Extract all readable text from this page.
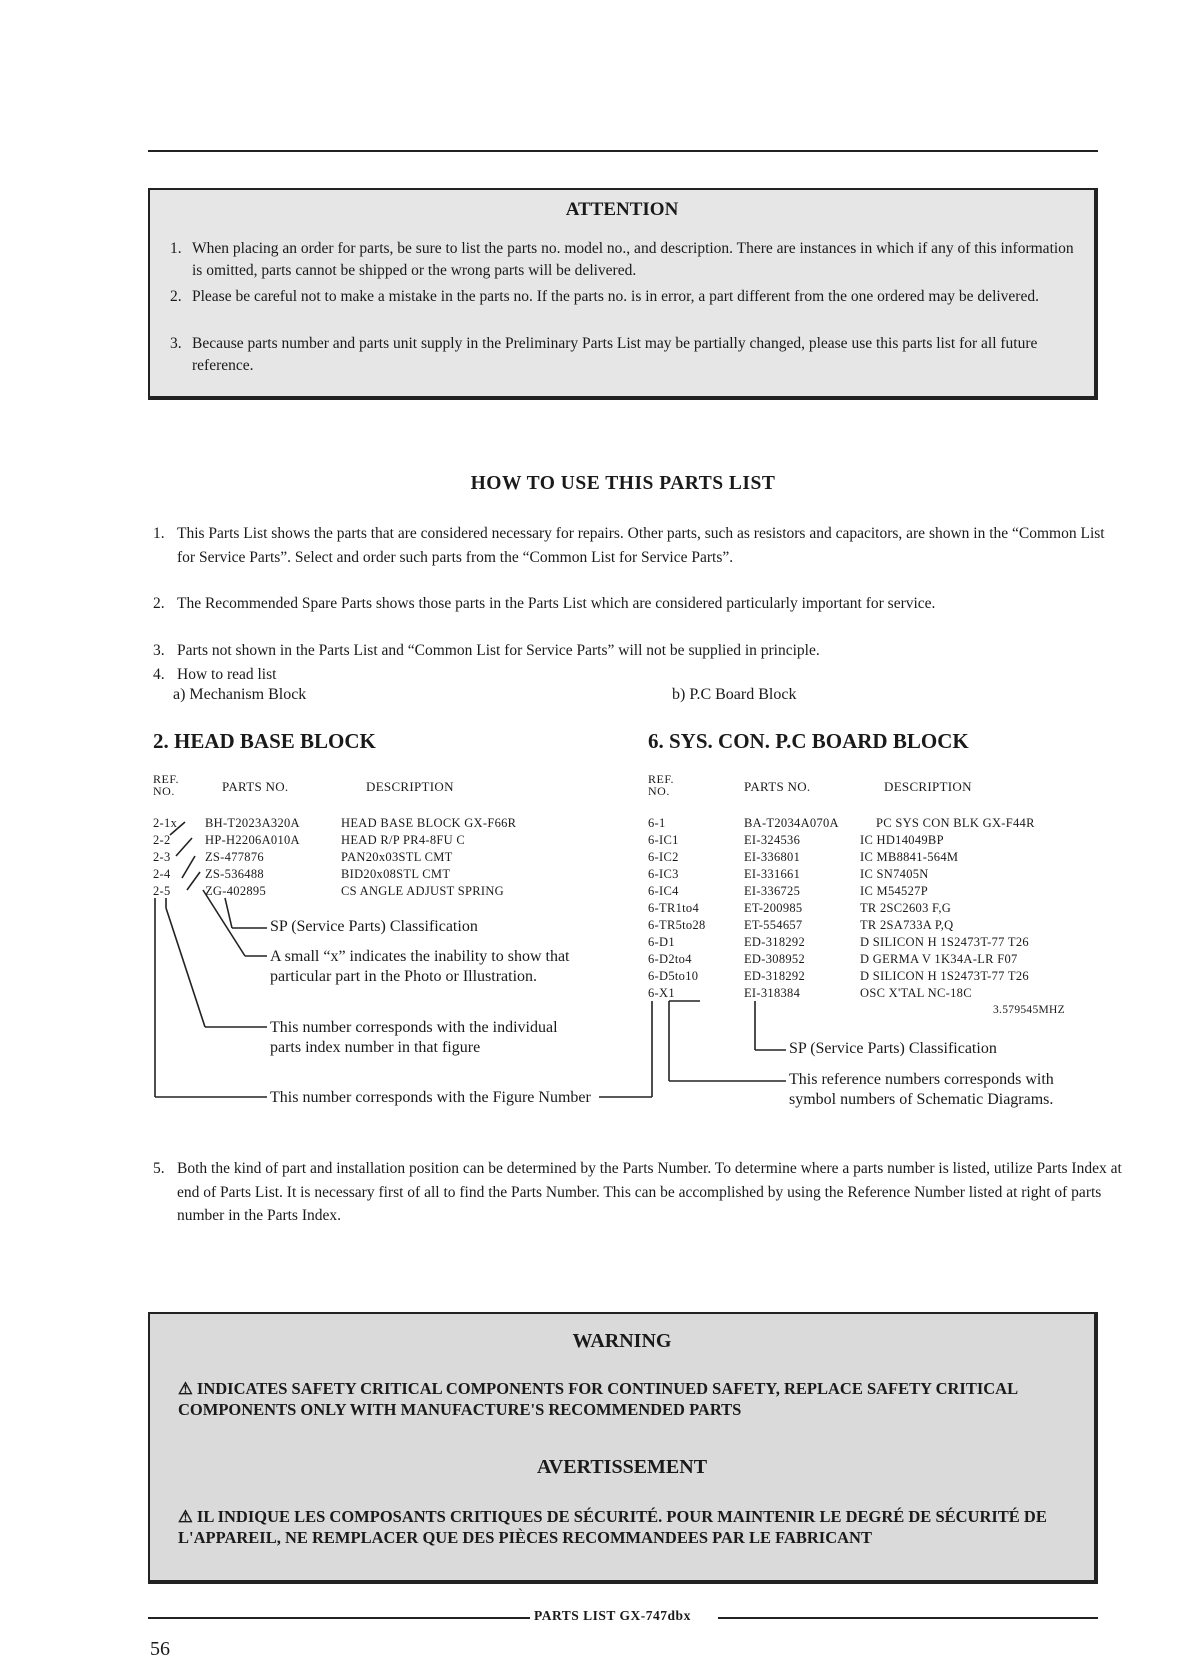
ATTENTION
1. When placing an order for parts, be sure to list the parts no. model no., and description. There are instances in which if any of this information is omitted, parts cannot be shipped or the wrong parts will be delivered.
2. Please be careful not to make a mistake in the parts no. If the parts no. is in error, a part different from the one ordered may be delivered.
3. Because parts number and parts unit supply in the Preliminary Parts List may be partially changed, please use this parts list for all future reference.
HOW TO USE THIS PARTS LIST
1. This Parts List shows the parts that are considered necessary for repairs. Other parts, such as resistors and capacitors, are shown in the “Common List for Service Parts”. Select and order such parts from the “Common List for Service Parts”.
2. The Recommended Spare Parts shows those parts in the Parts List which are considered particularly important for service.
3. Parts not shown in the Parts List and “Common List for Service Parts” will not be supplied in principle.
4. How to read list
a) Mechanism Block	b) P.C Board Block
2. HEAD BASE BLOCK
REF.
NO.	PARTS NO.	DESCRIPTION
2-1x BH-T2023A320A	HEAD BASE BLOCK GX-F66R
2-2	HP-H2206A010A	HEAD R/P PR4-8FU C
2-3	ZS-477876	PAN20x03STL CMT
2-4	ZS-536488	BID20x08STL CMT
2-5	ZG-402895	CS ANGLE ADJUST SPRING
SP (Service Parts) Classification
A small “x” indicates the inability to show that particular part in the Photo or Illustration.
This number corresponds with the individual parts index number in that figure
This number corresponds with the Figure Number
6. SYS. CON. P.C BOARD BLOCK
REF.
NO.	PARTS NO.	DESCRIPTION
6-1	BA-T2034A070A	PC SYS CON BLK GX-F44R
6-IC1	EI-324536	IC HD14049BP
6-IC2	EI-336801	IC MB8841-564M
6-IC3	EI-331661	IC SN7405N
6-IC4	EI-336725	IC M54527P
6-TR1to4	ET-200985	TR 2SC2603 F,G
6-TR5to28	ET-554657	TR 2SA733A P,Q
6-D1	ED-318292	D SILICON H 1S2473T-77 T26
6-D2to4	ED-308952	D GERMA V 1K34A-LR F07
6-D5to10	ED-318292	D SILICON H 1S2473T-77 T26
6-X1	EI-318384	OSC X'TAL NC-18C
3.579545MHZ
SP (Service Parts) Classification
This reference numbers corresponds with symbol numbers of Schematic Diagrams.
5. Both the kind of part and installation position can be determined by the Parts Number. To determine where a parts number is listed, utilize Parts Index at end of Parts List. It is necessary first of all to find the Parts Number. This can be accomplished by using the Reference Number listed at right of parts number in the Parts Index.
WARNING
⚠ INDICATES SAFETY CRITICAL COMPONENTS FOR CONTINUED SAFETY, REPLACE SAFETY CRITICAL COMPONENTS ONLY WITH MANUFACTURE'S RECOMMENDED PARTS
AVERTISSEMENT
⚠ IL INDIQUE LES COMPOSANTS CRITIQUES DE SÉCURITÉ. POUR MAINTENIR LE DEGRÉ DE SÉCURITÉ DE L'APPAREIL, NE REMPLACER QUE DES PIÈCES RECOMMANDEES PAR LE FABRICANT
PARTS LIST GX-747dbx
56
